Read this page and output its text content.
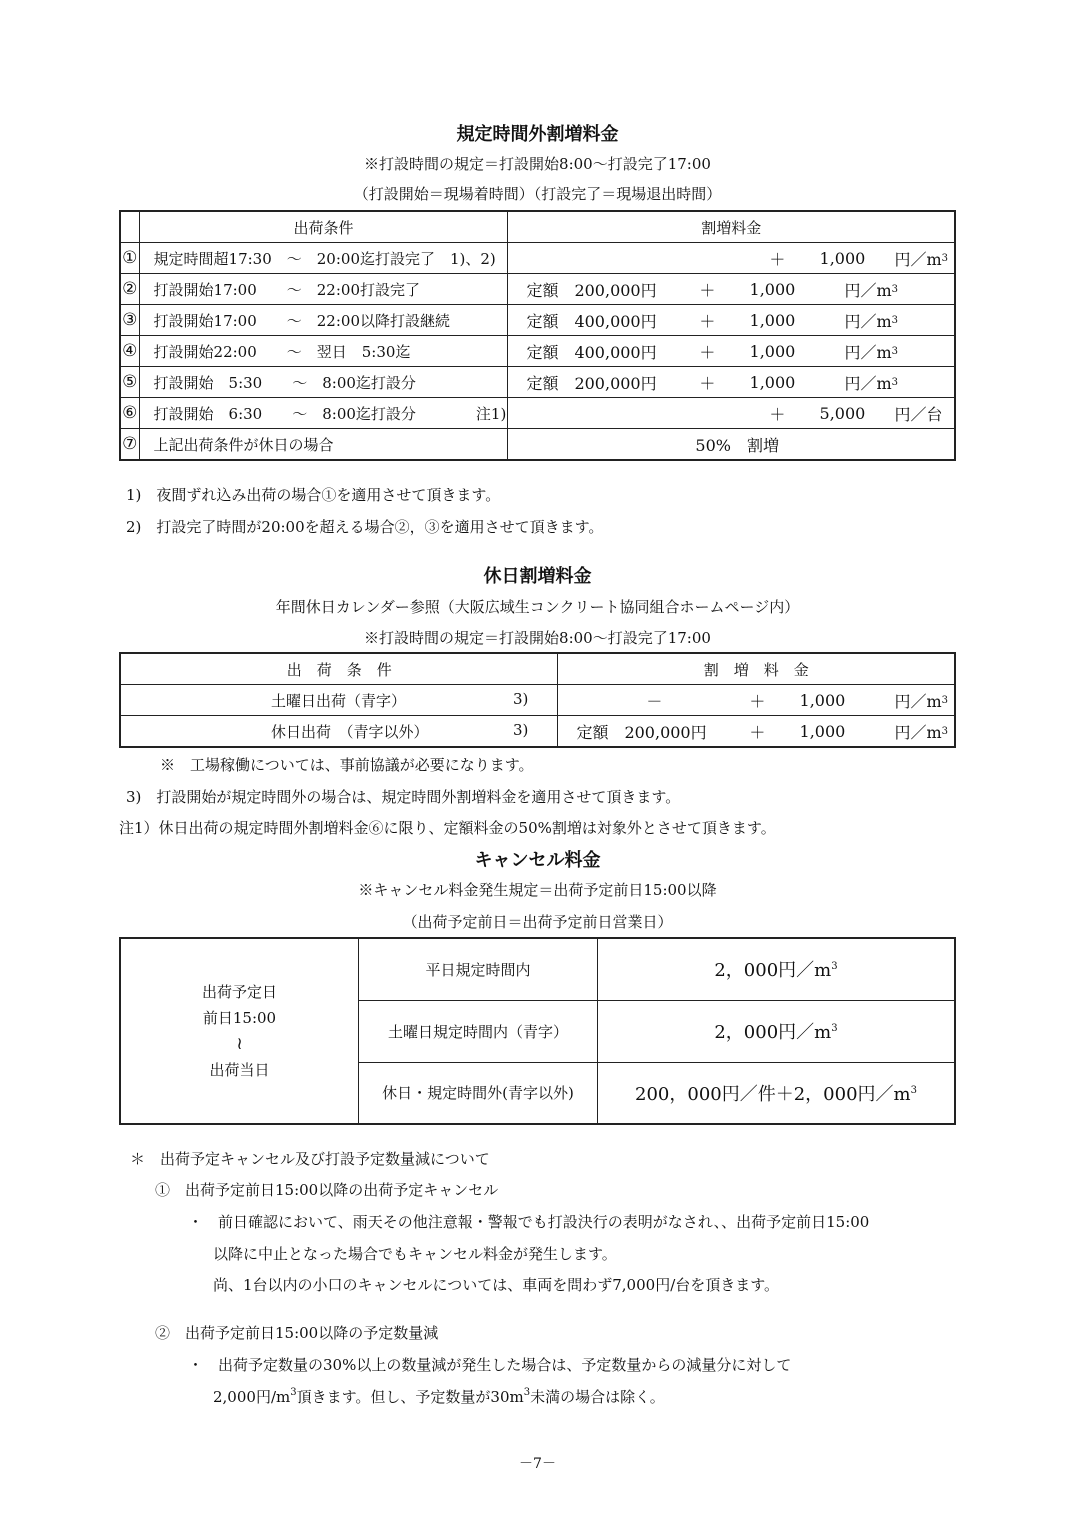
規定時間外割増料金
※打設時間の規定＝打設開始8:00～打設完了17:00
（打設開始＝現場着時間）（打設完了＝現場退出時間）
	出荷条件	割増料金
①	規定時間超17:30　～　20:00迄打設完了　1)、2)	＋ 1,000 円／m 3

②	打設開始17:00　　～　22:00打設完了	定額　200,000円 ＋ 1,000 円／m 3

③	打設開始17:00　　～　22:00以降打設継続	定額　400,000円 ＋ 1,000 円／m 3

④	打設開始22:00　　～　翌日　5:30迄	定額　400,000円 ＋ 1,000 円／m 3

⑤	打設開始　5:30　　～　8:00迄打設分	定額　200,000円 ＋ 1,000 円／m 3

⑥	打設開始　6:30　　～　8:00迄打設分　　　　注1)	＋ 5,000 円／台

⑦	上記出荷条件が休日の場合	50%　割増
1)　夜間ずれ込み出荷の場合①を適用させて頂きます。
2)　打設完了時間が20:00を超える場合②，③を適用させて頂きます。
休日割増料金
年間休日カレンダー参照（大阪広域生コンクリート協同組合ホームページ内）
※打設時間の規定＝打設開始8:00～打設完了17:00
出　荷　条　件	割　増　料　金

土曜日出荷（青字） 3)	－ ＋ 1,000 円／m 3

休日出荷　（青字以外） 3)	定額　200,000円 ＋ 1,000 円／m 3
※　工場稼働については、事前協議が必要になります。
3)　打設開始が規定時間外の場合は、規定時間外割増料金を適用させて頂きます。
注1）休日出荷の規定時間外割増料金⑥に限り、定額料金の50%割増は対象外とさせて頂きます。
キャンセル料金
※キャンセル料金発生規定＝出荷予定前日15:00以降
（出荷予定前日＝出荷予定前日営業日）
出荷予定日
前日15:00
≀
出荷当日	平日規定時間内	2，000円$/m^3$
	土曜日規定時間内（青字）	2，000円$/m^3$
	休日・規定時間外(青字以外)	200，000円／件＋2，000円$/m^3$
＊　出荷予定キャンセル及び打設予定数量減について
①　出荷予定前日15:00以降の出荷予定キャンセル
・　前日確認において、雨天その他注意報・警報でも打設決行の表明がなされ、、出荷予定前日15:00
以降に中止となった場合でもキャンセル料金が発生します。
尚、1台以内の小口のキャンセルについては、車両を問わず7,000円/台を頂きます。
②　出荷予定前日15:00以降の予定数量減
・　出荷予定数量の30%以上の数量減が発生した場合は、予定数量からの減量分に対して
2,000円$/m^3$頂きます。但し、予定数量が$30m^3$未満の場合は除く。
－7－
